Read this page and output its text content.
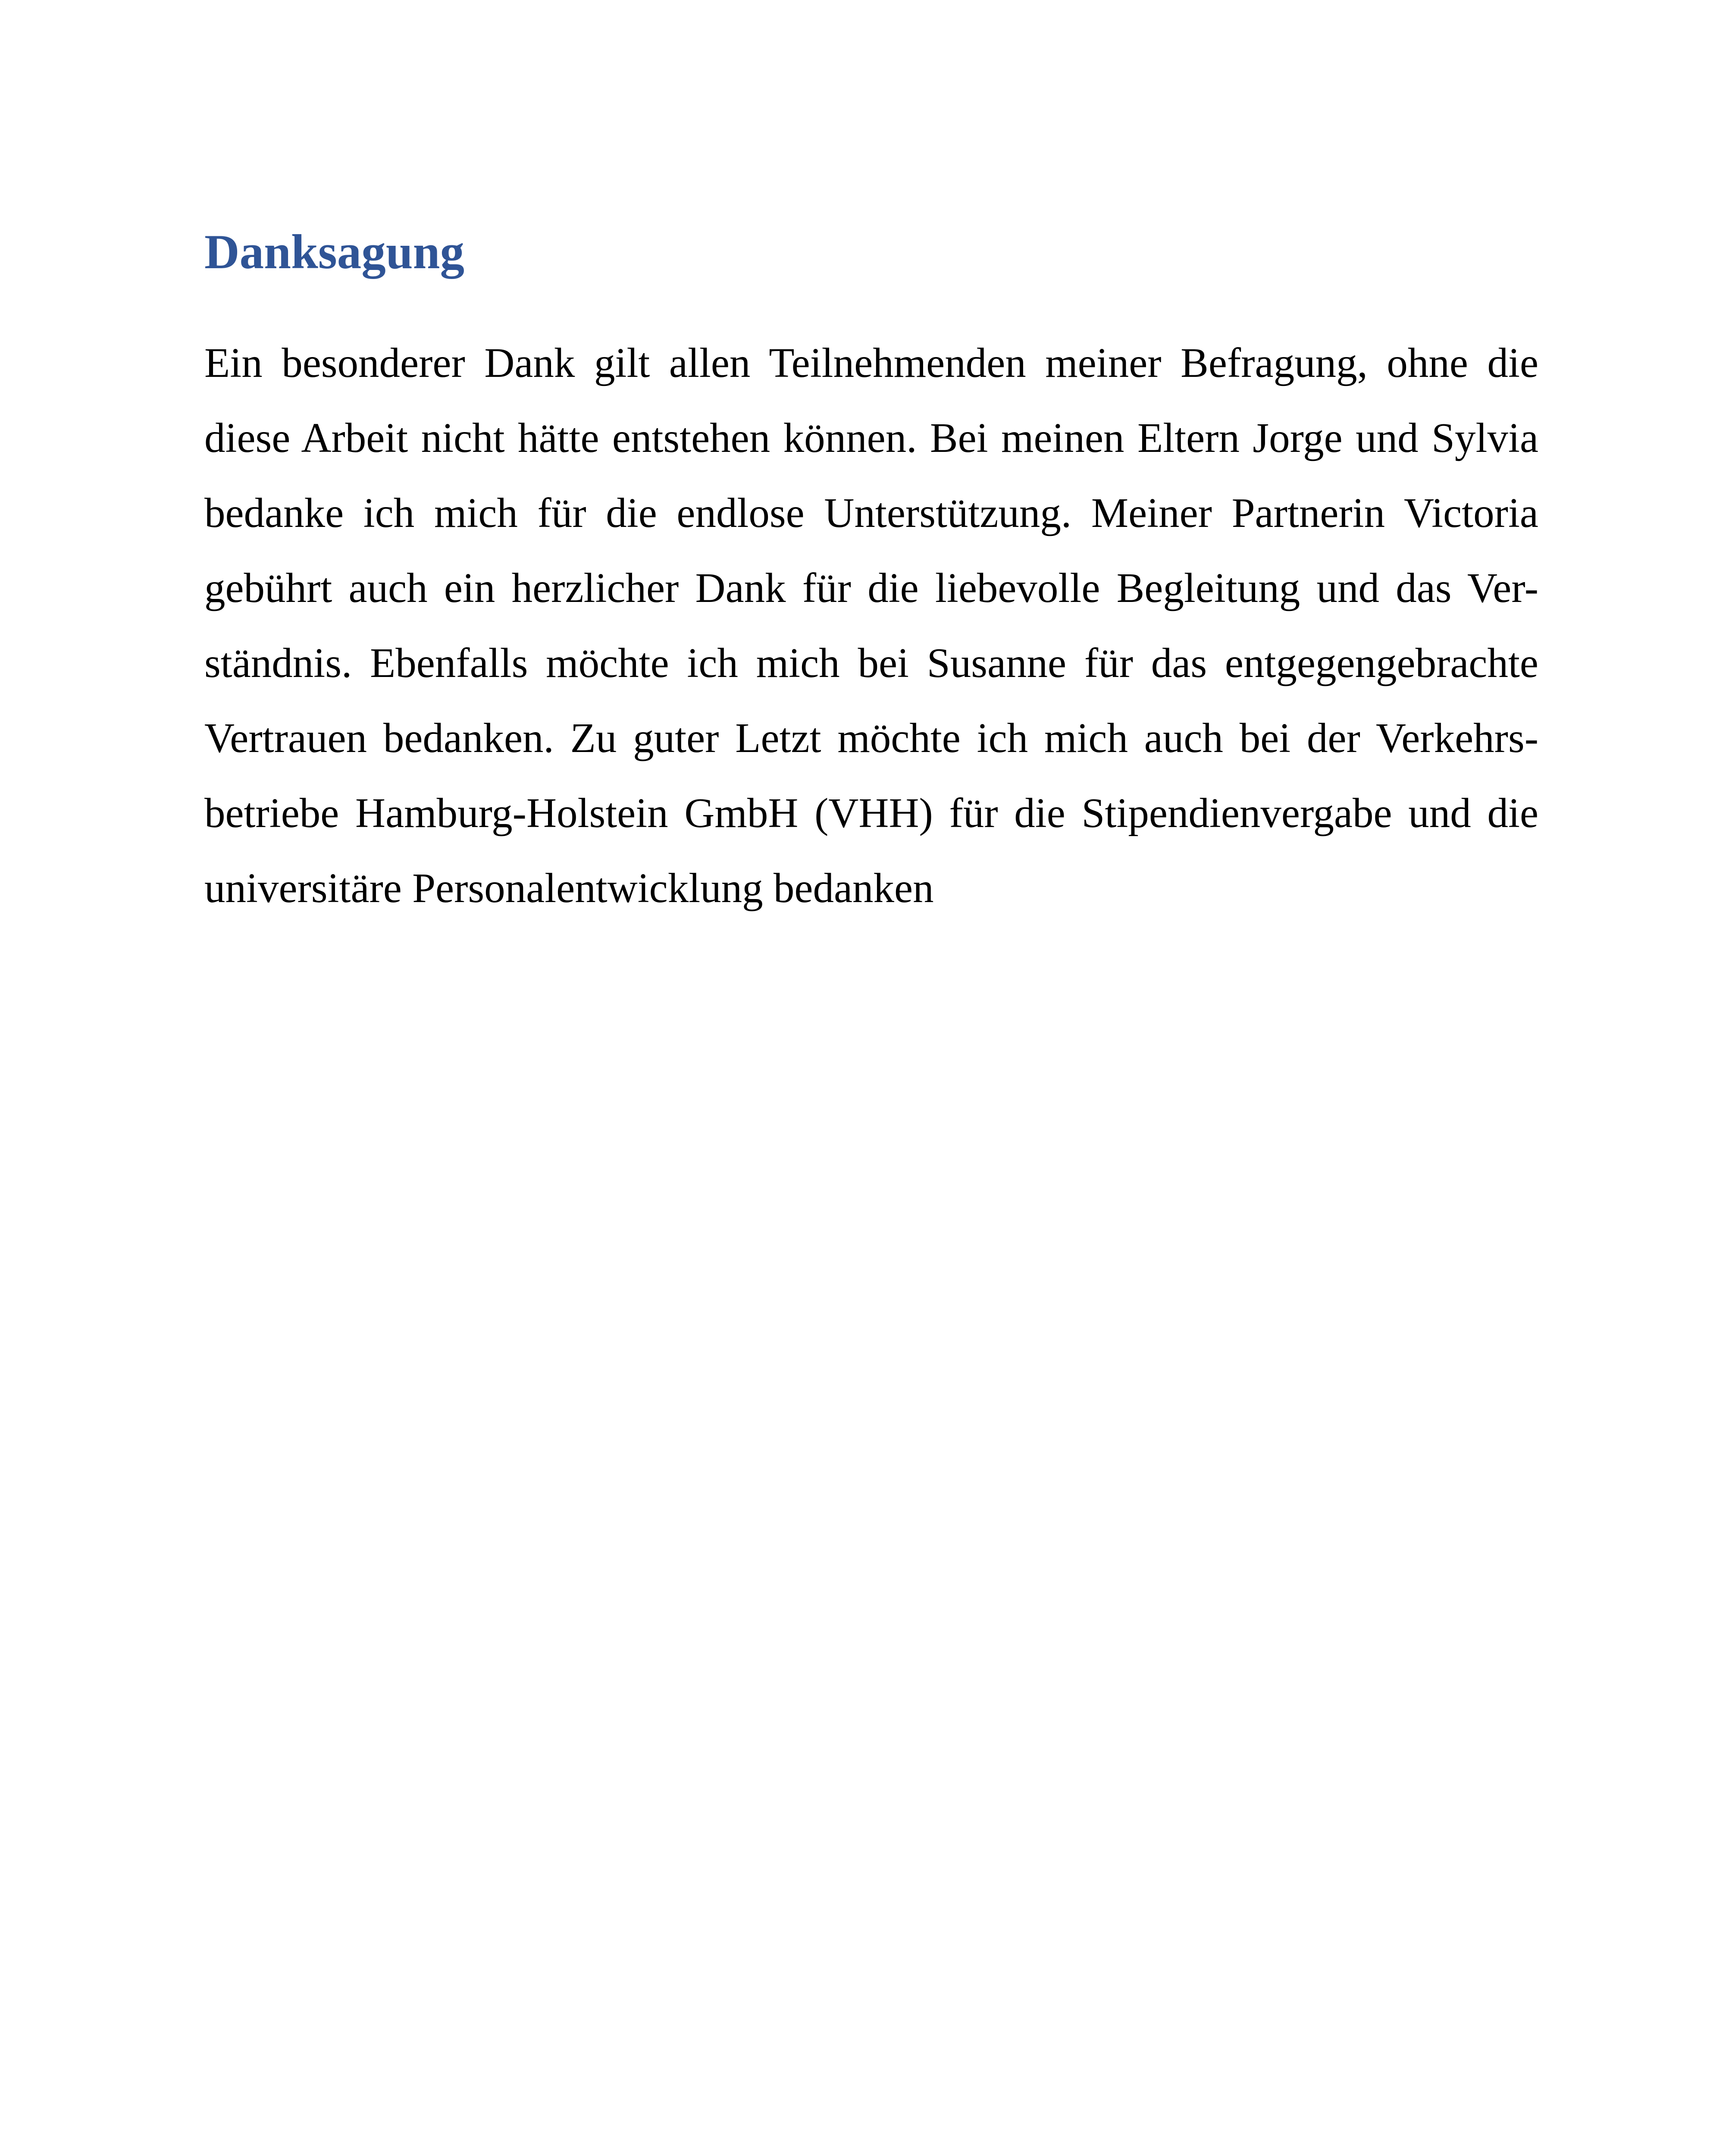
Danksagung
Ein besonderer Dank gilt allen Teilnehmenden meiner Befragung, ohne die
diese Arbeit nicht hätte entstehen können. Bei meinen Eltern Jorge und Sylvia
bedanke ich mich für die endlose Unterstützung. Meiner Partnerin Victoria
gebührt auch ein herzlicher Dank für die liebevolle Begleitung und das Ver-
ständnis. Ebenfalls möchte ich mich bei Susanne für das entgegengebrachte
Vertrauen bedanken. Zu guter Letzt möchte ich mich auch bei der Verkehrs-
betriebe Hamburg-Holstein GmbH (VHH) für die Stipendienvergabe und die
universitäre Personalentwicklung bedanken
